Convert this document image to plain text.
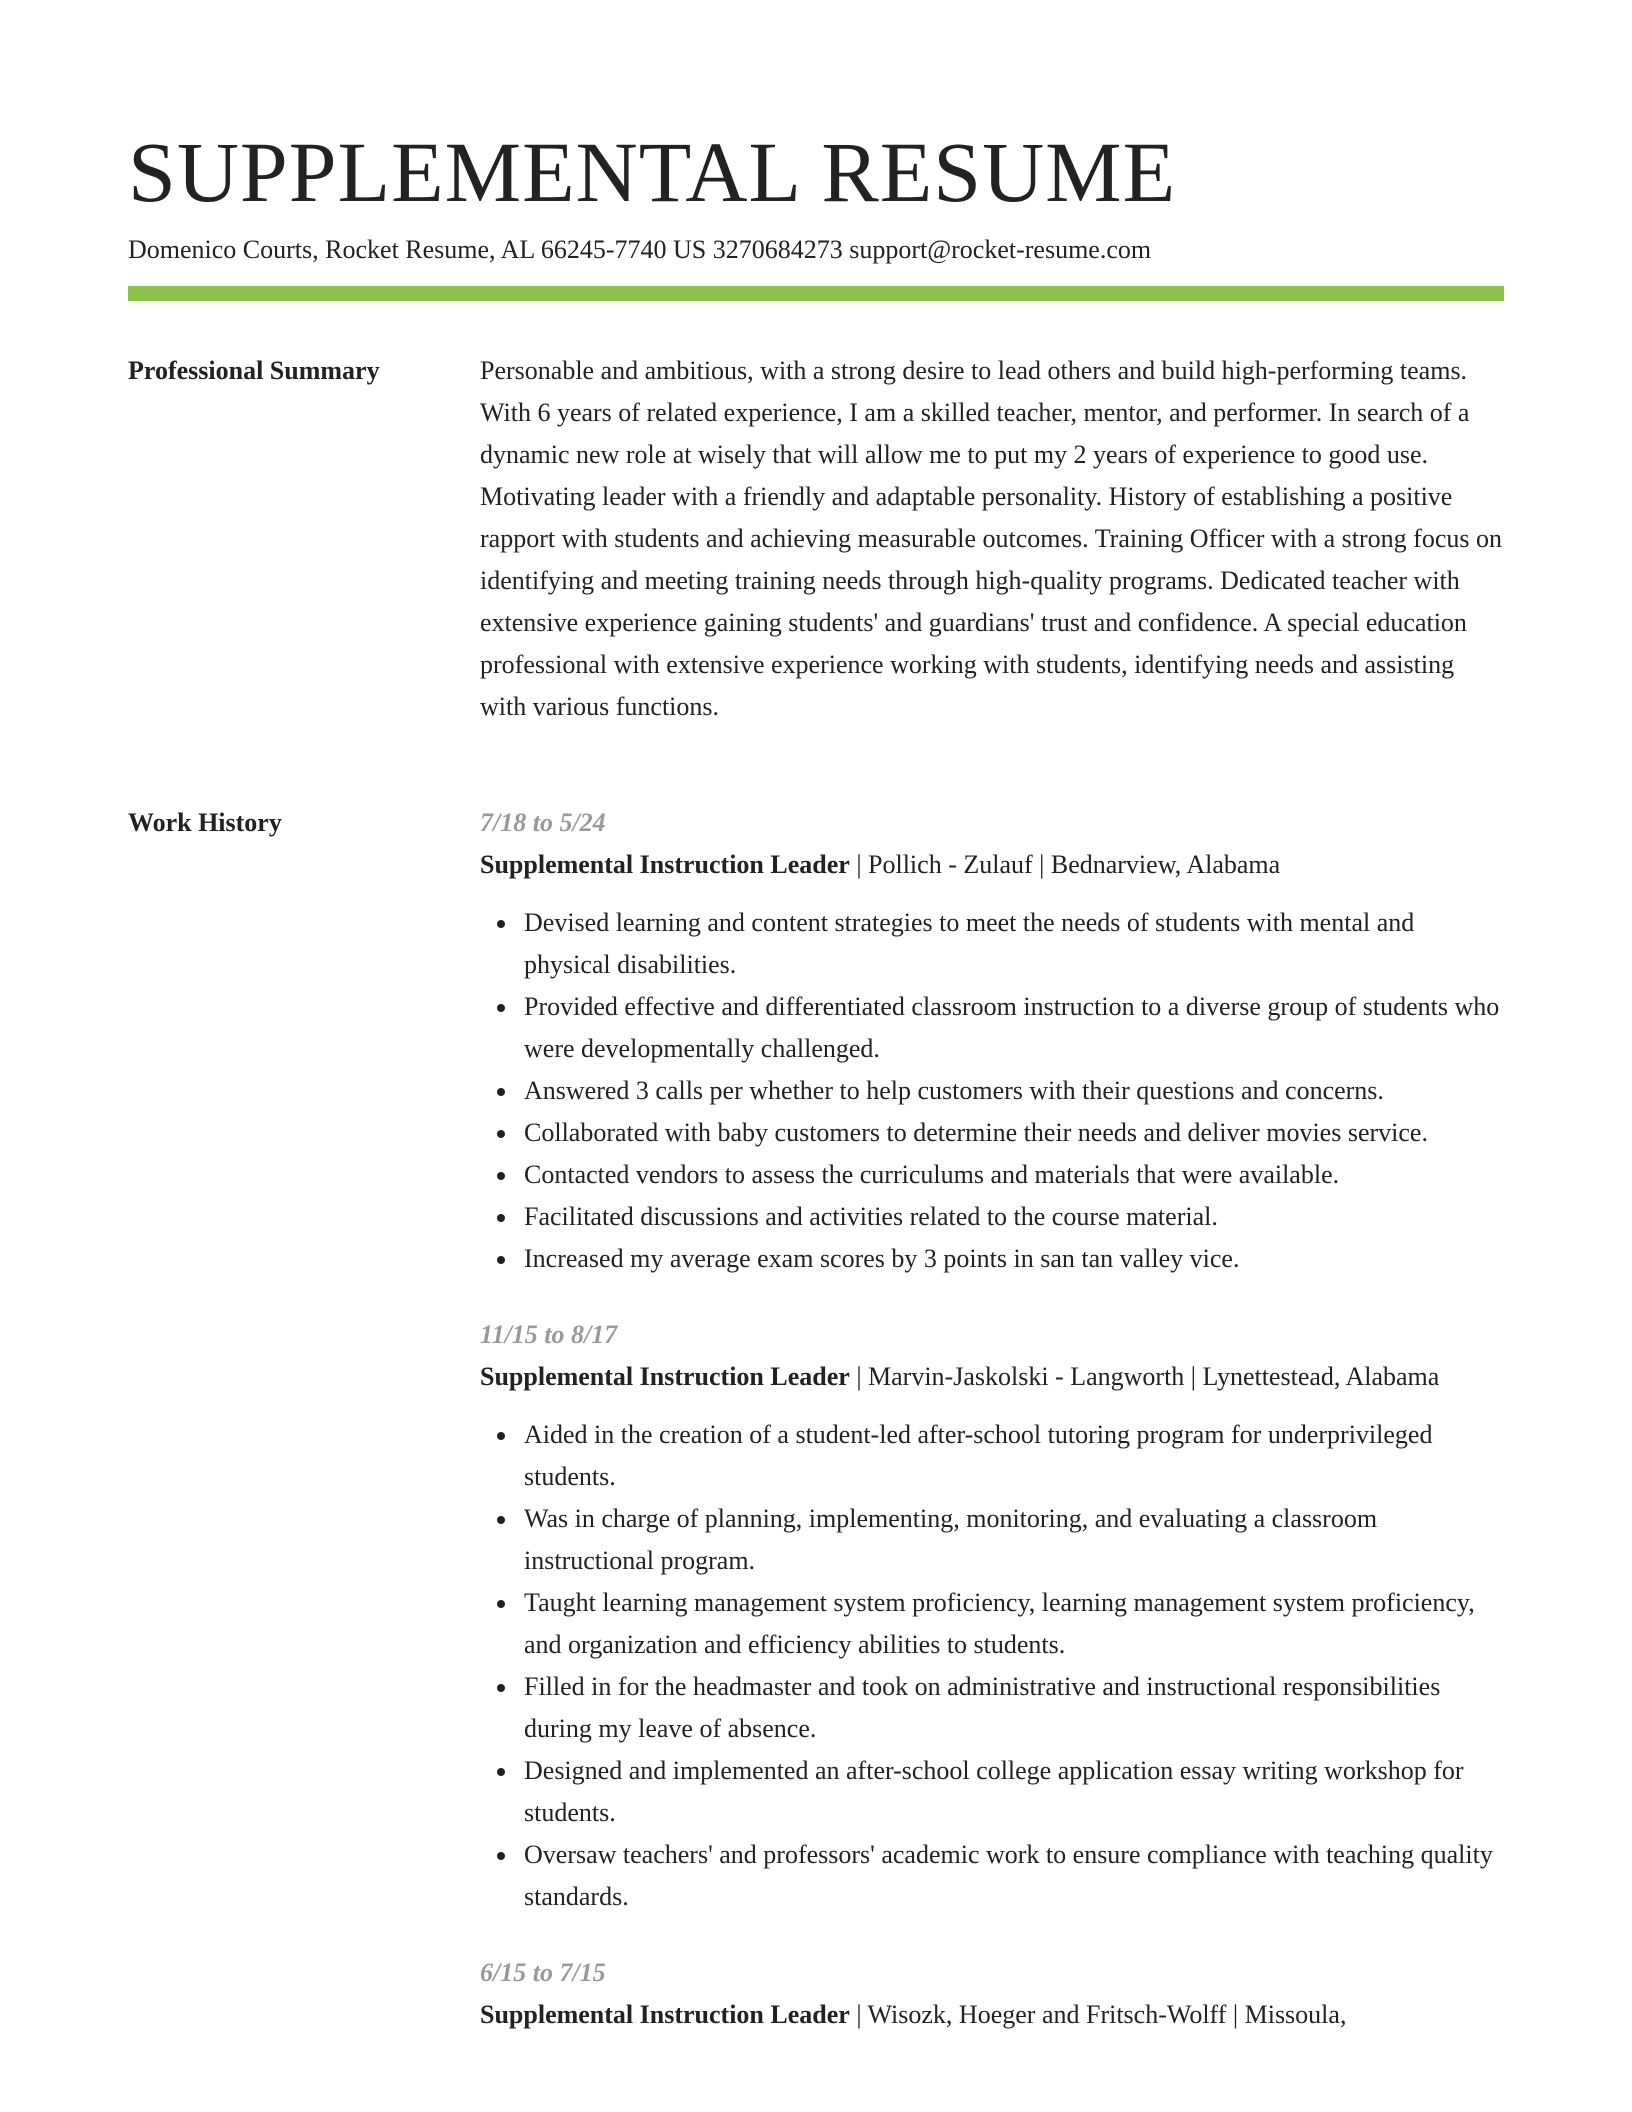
SUPPLEMENTAL RESUME
Domenico Courts, Rocket Resume, AL 66245-7740 US 3270684273 support@rocket-resume.com
Professional Summary	Personable and ambitious, with a strong desire to lead others and build high-performing teams. With 6 years of related experience, I am a skilled teacher, mentor, and performer. In search of a dynamic new role at wisely that will allow me to put my 2 years of experience to good use. Motivating leader with a friendly and adaptable personality. History of establishing a positive rapport with students and achieving measurable outcomes. Training Officer with a strong focus on identifying and meeting training needs through high-quality programs. Dedicated teacher with extensive experience gaining students' and guardians' trust and confidence. A special education professional with extensive experience working with students, identifying needs and assisting with various functions.

Work History	7/18 to 5/24
Supplemental Instruction Leader | Pollich - Zulauf | Bednarview, Alabama
Devised learning and content strategies to meet the needs of students with mental and physical disabilities.
Provided effective and differentiated classroom instruction to a diverse group of students who were developmentally challenged.
Answered 3 calls per whether to help customers with their questions and concerns.
Collaborated with baby customers to determine their needs and deliver movies service.
Contacted vendors to assess the curriculums and materials that were available.
Facilitated discussions and activities related to the course material.
Increased my average exam scores by 3 points in san tan valley vice.
11/15 to 8/17
Supplemental Instruction Leader | Marvin-Jaskolski - Langworth | Lynettestead, Alabama
Aided in the creation of a student-led after-school tutoring program for underprivileged students.
Was in charge of planning, implementing, monitoring, and evaluating a classroom instructional program.
Taught learning management system proficiency, learning management system proficiency, and organization and efficiency abilities to students.
Filled in for the headmaster and took on administrative and instructional responsibilities during my leave of absence.
Designed and implemented an after-school college application essay writing workshop for students.
Oversaw teachers' and professors' academic work to ensure compliance with teaching quality standards.
6/15 to 7/15
Supplemental Instruction Leader | Wisozk, Hoeger and Fritsch-Wolff | Missoula,
